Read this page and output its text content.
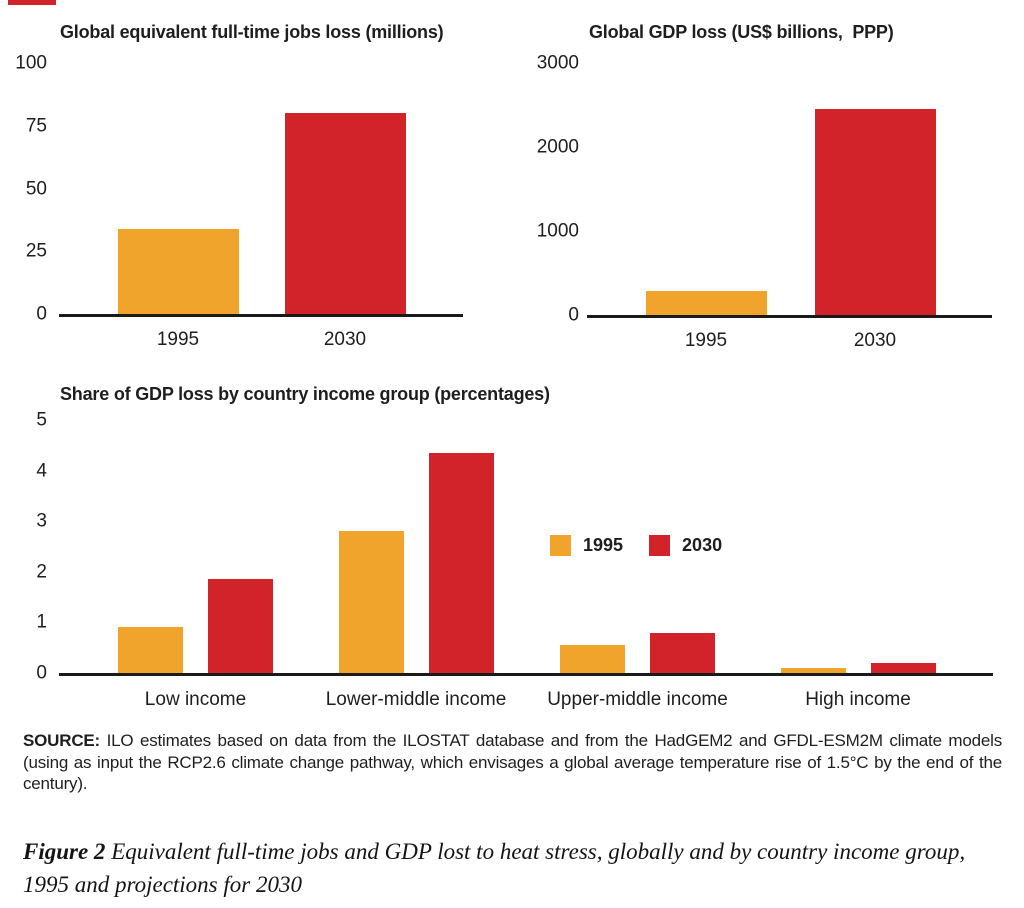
Global equivalent full-time jobs loss (millions)
0
25
50
75
100
1995	2030
Global GDP loss (US$ billions,  PPP)
0
1000
2000
3000
1995	2030
Share of GDP loss by country income group (percentages)
1995	2030
0
1
2
3
4
5
Low income	Lower-middle income Upper-middle income	High income

SOURCE: ILO estimates based on data from the ILOSTAT database and from the HadGEM2 and GFDL-ESM2M climate models (using as input the RCP2.6 climate change pathway, which envisages a global average temperature rise of 1.5°C by the end of the century).

Figure 2 Equivalent full-time jobs and GDP lost to heat stress, globally and by country income group, 1995 and projections for 2030
